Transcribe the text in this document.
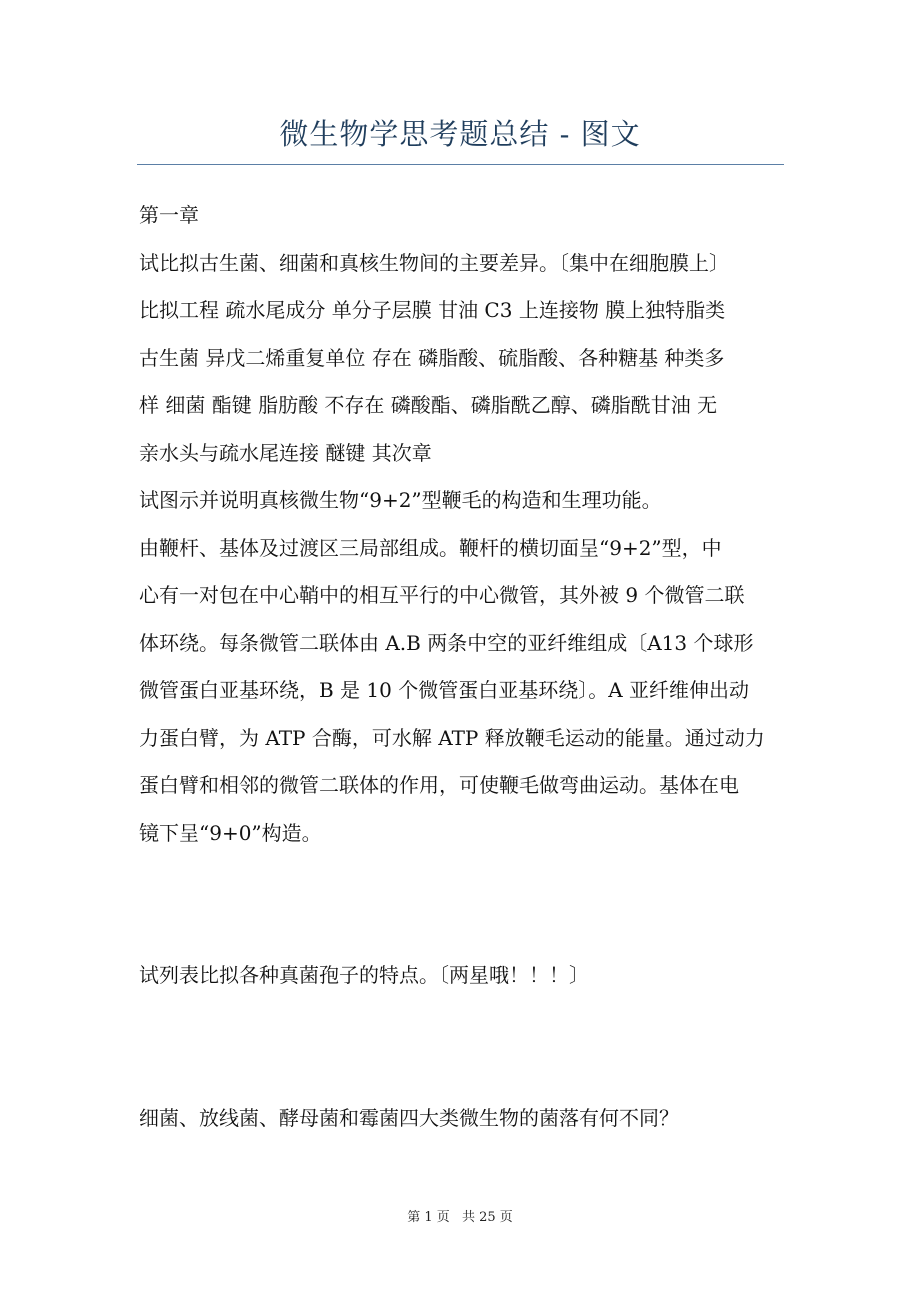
微生物学思考题总结 - 图文
第一章
试比拟古生菌、细菌和真核生物间的主要差异。〔集中在细胞膜上〕
比拟工程 疏水尾成分 单分子层膜 甘油 C3 上连接物 膜上独特脂类
古生菌 异戊二烯重复单位 存在 磷脂酸、硫脂酸、各种糖基 种类多
样 细菌 酯键 脂肪酸 不存在 磷酸酯、磷脂酰乙醇、磷脂酰甘油 无
亲水头与疏水尾连接 醚键 其次章
试图示并说明真核微生物“9+2”型鞭毛的构造和生理功能。
由鞭杆、基体及过渡区三局部组成。鞭杆的横切面呈“9+2”型，中
心有一对包在中心鞘中的相互平行的中心微管，其外被 9 个微管二联
体环绕。每条微管二联体由 A.B 两条中空的亚纤维组成〔A13 个球形
微管蛋白亚基环绕，B 是 10 个微管蛋白亚基环绕〕。A 亚纤维伸出动
力蛋白臂，为 ATP 合酶，可水解 ATP 释放鞭毛运动的能量。通过动力
蛋白臂和相邻的微管二联体的作用，可使鞭毛做弯曲运动。基体在电
镜下呈“9+0”构造。
试列表比拟各种真菌孢子的特点。〔两星哦！！！〕
细菌、放线菌、酵母菌和霉菌四大类微生物的菌落有何不同？
第 1 页 共 25 页
